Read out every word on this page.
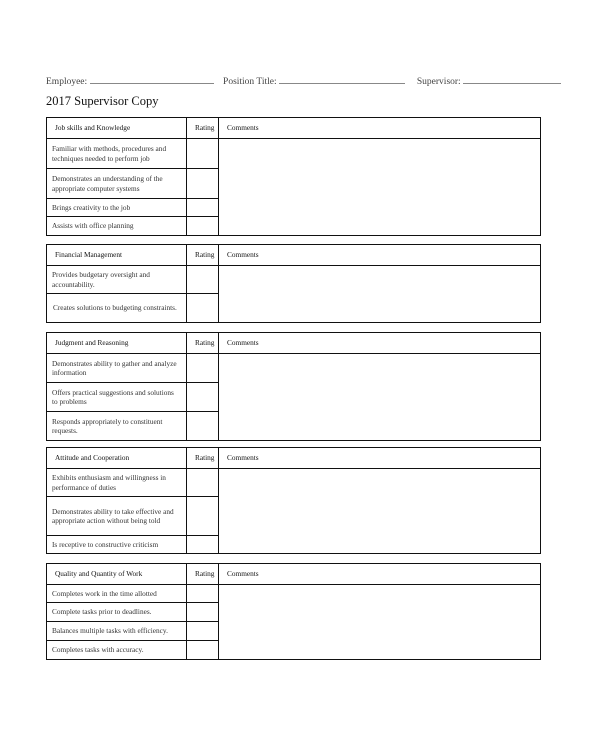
Employee:	Position Title:	Supervisor:
2017 Supervisor Copy
Job skills and Knowledge	Rating	Comments
Familiar with methods, procedures and techniques needed to perform job		
Demonstrates an understanding of the appropriate computer systems		
Brings creativity to the job		
Assists with office planning		
Financial Management	Rating	Comments
Provides budgetary oversight and accountability.		
Creates solutions to budgeting constraints.		
Judgment and Reasoning	Rating	Comments
Demonstrates ability to gather and analyze information		
Offers practical suggestions and solutions to problems		
Responds appropriately to constituent requests.		
Attitude and Cooperation	Rating	Comments
Exhibits enthusiasm and willingness in performance of duties		
Demonstrates ability to take effective and appropriate action without being told		
Is receptive to constructive criticism		
Quality and Quantity of Work	Rating	Comments
Completes work in the time allotted		
Complete tasks prior to deadlines.		
Balances multiple tasks with efficiency.		
Completes tasks with accuracy.		
